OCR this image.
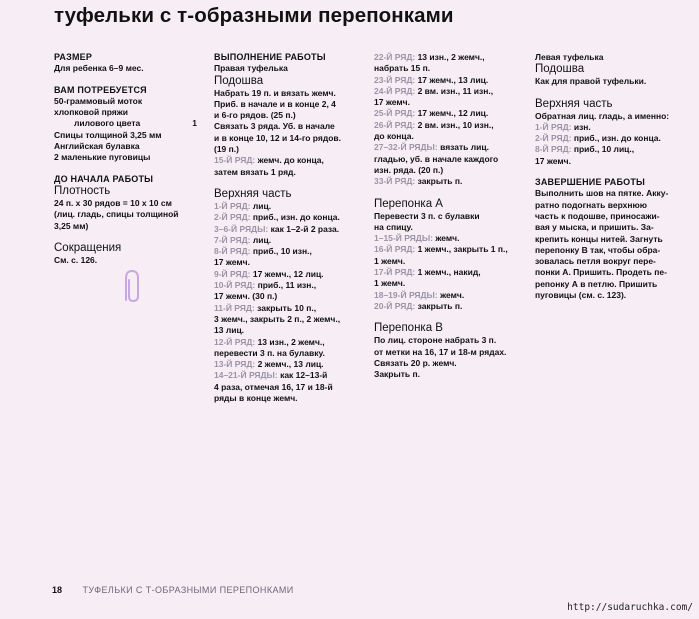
туфельки с т-образными перепонками
РАЗМЕР
Для ребенка 6–9 мес.
ВАМ ПОТРЕБУЕТСЯ
50-граммовый моток
хлопковой пряжи
лилового цвета	1
Спицы толщиной 3,25 мм
Английская булавка
2 маленькие пуговицы
ДО НАЧАЛА РАБОТЫ
Плотность
24 п. х 30 рядов = 10 х 10 см
(лиц. гладь, спицы толщиной
3,25 мм)
Сокращения
См. с. 126.
ВЫПОЛНЕНИЕ РАБОТЫ
Правая туфелька
Подошва
Набрать 19 п. и вязать жемч.
Приб. в начале и в конце 2, 4
и 6-го рядов. (25 п.)
Связать 3 ряда. Уб. в начале
и в конце 10, 12 и 14-го рядов.
(19 п.)
15-Й РЯД: жемч. до конца,
затем вязать 1 ряд.
Верхняя часть
1-Й РЯД: лиц.
2-Й РЯД: приб., изн. до конца.
3–6-Й РЯДЫ: как 1–2-й 2 раза.
7-Й РЯД: лиц.
8-Й РЯД: приб., 10 изн.,
17 жемч.
9-Й РЯД: 17 жемч., 12 лиц.
10-Й РЯД: приб., 11 изн.,
17 жемч. (30 п.)
11-Й РЯД: закрыть 10 п.,
3 жемч., закрыть 2 п., 2 жемч.,
13 лиц.
12-Й РЯД: 13 изн., 2 жемч.,
перевести 3 п. на булавку.
13-Й РЯД: 2 жемч., 13 лиц.
14–21-Й РЯДЫ: как 12–13-й
4 раза, отмечая 16, 17 и 18-й
ряды в конце жемч.
22-Й РЯД: 13 изн., 2 жемч.,
набрать 15 п.
23-Й РЯД: 17 жемч., 13 лиц.
24-Й РЯД: 2 вм. изн., 11 изн.,
17 жемч.
25-Й РЯД: 17 жемч., 12 лиц.
26-Й РЯД: 2 вм. изн., 10 изн.,
до конца.
27–32-Й РЯДЫ: вязать лиц.
гладью, уб. в начале каждого
изн. ряда. (20 п.)
33-Й РЯД: закрыть п.
Перепонка А
Перевести 3 п. с булавки
на спицу.
1–15-Й РЯДЫ: жемч.
16-Й РЯД: 1 жемч., закрыть 1 п.,
1 жемч.
17-Й РЯД: 1 жемч., накид,
1 жемч.
18–19-Й РЯДЫ: жемч.
20-Й РЯД: закрыть п.
Перепонка В
По лиц. стороне набрать 3 п.
от метки на 16, 17 и 18-м рядах.
Связать 20 р. жемч.
Закрыть п.
Левая туфелька
Подошва
Как для правой туфельки.
Верхняя часть
Обратная лиц. гладь, а именно:
1-Й РЯД: изн.
2-Й РЯД: приб., изн. до конца.
8-Й РЯД: приб., 10 лиц.,
17 жемч.
ЗАВЕРШЕНИЕ РАБОТЫ
Выполнить шов на пятке. Акку-
ратно подогнать верхнюю
часть к подошве, приносажи-
вая у мыска, и пришить. За-
крепить концы нитей. Загнуть
перепонку В так, чтобы обра-
зовалась петля вокруг пере-
понки А. Пришить. Продеть пе-
репонку А в петлю. Пришить
пуговицы (см. с. 123).
18 ТУФЕЛЬКИ С Т-ОБРАЗНЫМИ ПЕРЕПОНКАМИ
http://sudaruchka.com/
